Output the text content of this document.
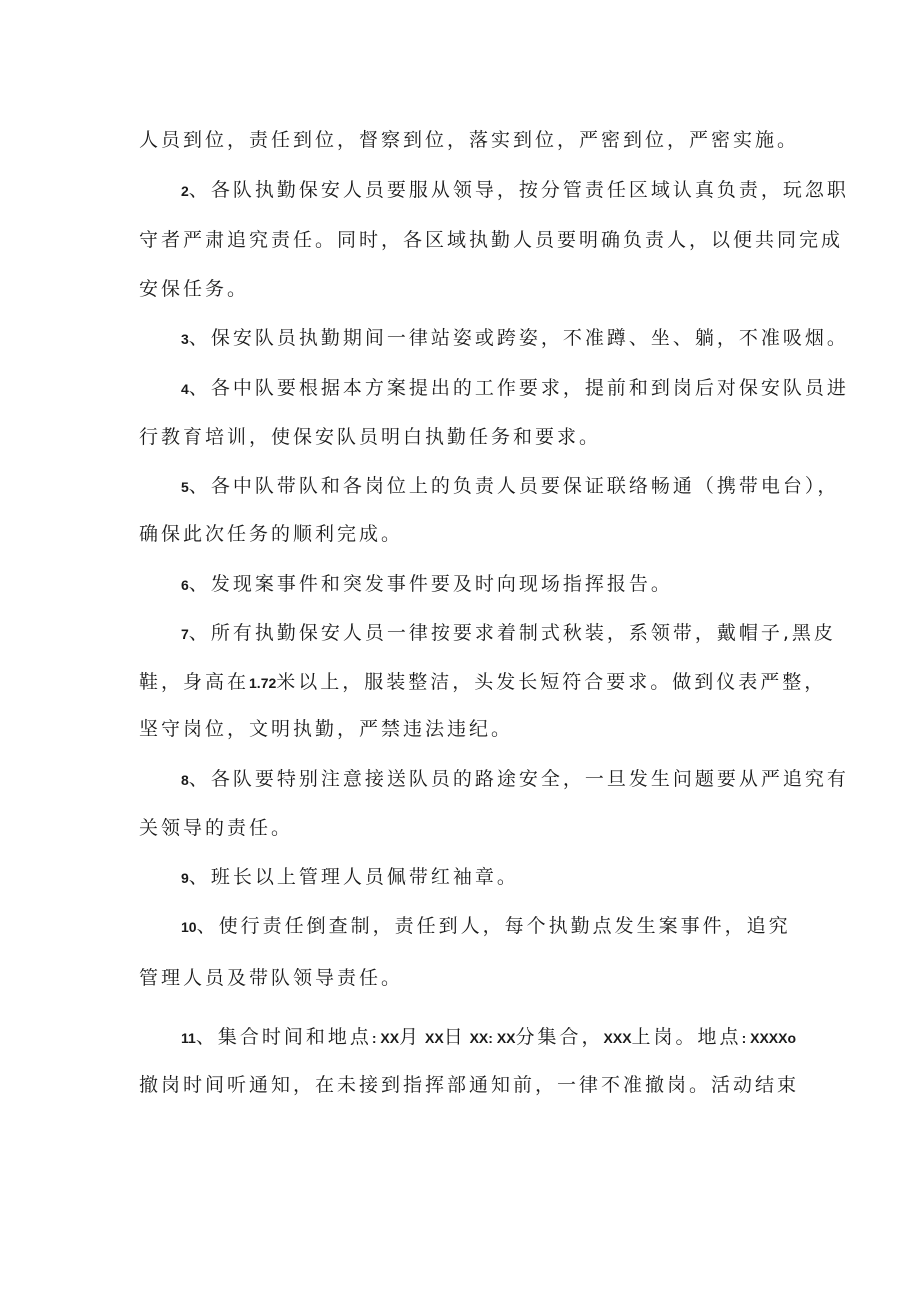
人员到位，责任到位，督察到位，落实到位，严密到位，严密实施。
2、各队执勤保安人员要服从领导，按分管责任区域认真负责，玩忽职
守者严肃追究责任。同时，各区域执勤人员要明确负责人，以便共同完成
安保任务。
3、保安队员执勤期间一律站姿或跨姿，不准蹲、坐、躺，不准吸烟。
4、各中队要根据本方案提出的工作要求，提前和到岗后对保安队员进
行教育培训，使保安队员明白执勤任务和要求。
5、各中队带队和各岗位上的负责人员要保证联络畅通（携带电台），
确保此次任务的顺利完成。
6、发现案事件和突发事件要及时向现场指挥报告。
7、所有执勤保安人员一律按要求着制式秋装，系领带，戴帽子,黑皮
鞋，身高在1.72米以上，服装整洁，头发长短符合要求。做到仪表严整，
坚守岗位，文明执勤，严禁违法违纪。
8、各队要特别注意接送队员的路途安全，一旦发生问题要从严追究有
关领导的责任。
9、班长以上管理人员佩带红袖章。
10、使行责任倒查制，责任到人，每个执勤点发生案事件，追究
管理人员及带队领导责任。
11、集合时间和地点: XX月 XX日 XX: XX分集合，XXX上岗。地点: XXXXo
撤岗时间听通知，在未接到指挥部通知前，一律不准撤岗。活动结束
